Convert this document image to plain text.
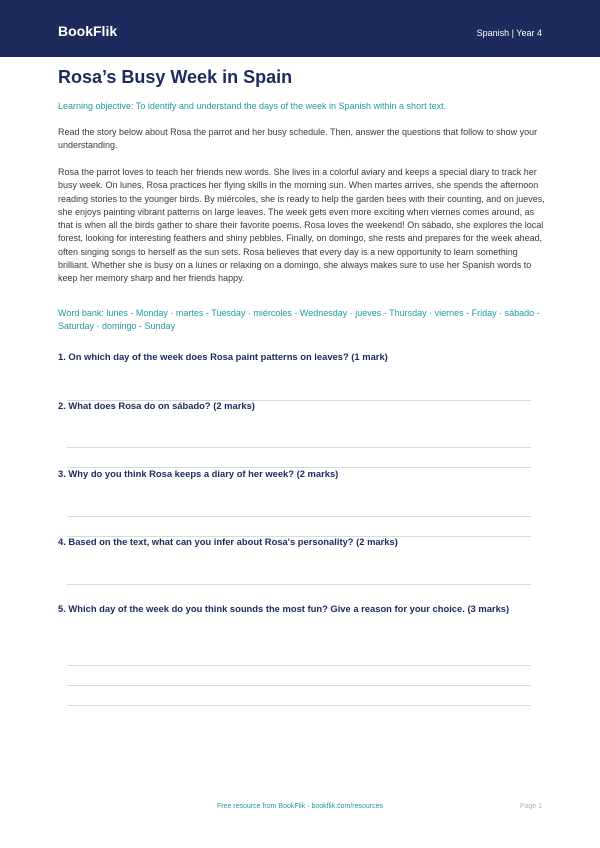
BookFlik	Spanish | Year 4
Rosa’s Busy Week in Spain
Learning objective: To identify and understand the days of the week in Spanish within a short text.
Read the story below about Rosa the parrot and her busy schedule. Then, answer the questions that follow to show your understanding.
Rosa the parrot loves to teach her friends new words. She lives in a colorful aviary and keeps a special diary to track her busy week. On lunes, Rosa practices her flying skills in the morning sun. When martes arrives, she spends the afternoon reading stories to the younger birds. By miércoles, she is ready to help the garden bees with their counting, and on jueves, she enjoys painting vibrant patterns on large leaves. The week gets even more exciting when viernes comes around, as that is when all the birds gather to share their favorite poems. Rosa loves the weekend! On sábado, she explores the local forest, looking for interesting feathers and shiny pebbles. Finally, on domingo, she rests and prepares for the week ahead, often singing songs to herself as the sun sets. Rosa believes that every day is a new opportunity to learn something brilliant. Whether she is busy on a lunes or relaxing on a domingo, she always makes sure to use her Spanish words to keep her memory sharp and her friends happy.
Word bank: lunes - Monday · martes - Tuesday · miércoles - Wednesday · jueves - Thursday · viernes - Friday · sábado - Saturday · domingo - Sunday
1. On which day of the week does Rosa paint patterns on leaves? (1 mark)
2. What does Rosa do on sábado? (2 marks)
3. Why do you think Rosa keeps a diary of her week? (2 marks)
4. Based on the text, what can you infer about Rosa's personality? (2 marks)
5. Which day of the week do you think sounds the most fun? Give a reason for your choice. (3 marks)
Free resource from BookFlik · bookflik.com/resources	Page 1
